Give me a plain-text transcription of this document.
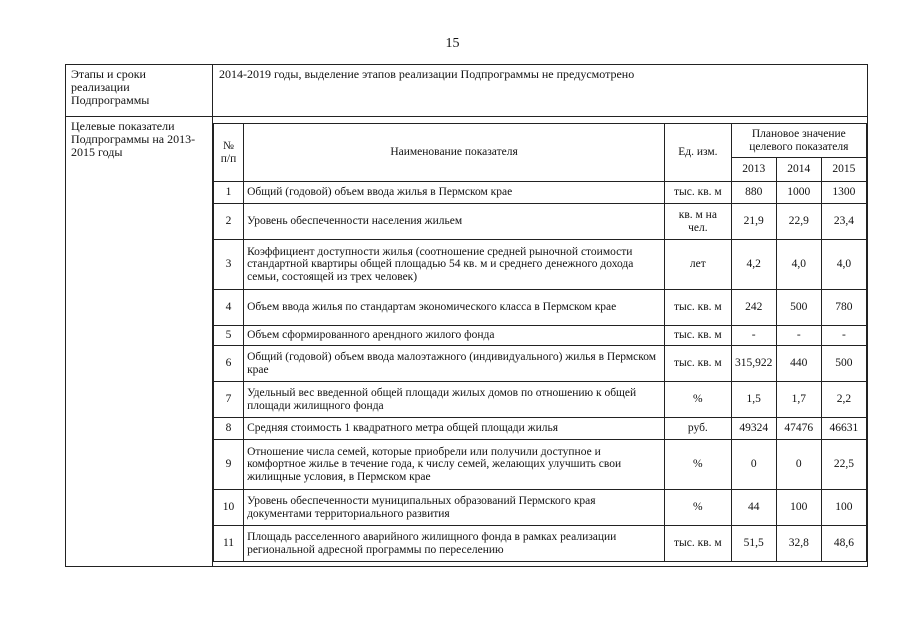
15
Этапы и сроки реализации Подпрограммы	
2014-2019 годы, выделение этапов реализации Подпрограммы не предусмотрено

Целевые показатели Подпрограммы на 2013-2015 годы		№ п/п	Наименование показателя	Ед. изм.	Плановое значение целевого показателя
2013	2014	2015
1	Общий (годовой) объем ввода жилья в Пермском крае	тыс. кв. м	880	1000	1300
2	Уровень обеспеченности населения жильем	кв. м на чел.	21,9	22,9	23,4
3	Коэффициент доступности жилья (соотношение средней рыночной стоимости стандартной квартиры общей площадью 54 кв. м и среднего денежного дохода семьи, состоящей из трех человек)	лет	4,2	4,0	4,0
4	Объем ввода жилья по стандартам экономического класса в Пермском крае	тыс. кв. м	242	500	780
5	Объем сформированного арендного жилого фонда	тыс. кв. м	-	-	-
6	Общий (годовой) объем ввода малоэтажного (индивидуального) жилья в Пермском крае	тыс. кв. м	315,922	440	500
7	Удельный вес введенной общей площади жилых домов по отношению к общей площади жилищного фонда	%	1,5	1,7	2,2
8	Средняя стоимость 1 квадратного метра общей площади жилья	руб.	49324	47476	46631
9	Отношение числа семей, которые приобрели или получили доступное и комфортное жилье в течение года, к числу семей, желающих улучшить свои жилищные условия, в Пермском крае	%	0	0	22,5
10	Уровень обеспеченности муниципальных образований Пермского края документами территориального развития	%	44	100	100
11	Площадь расселенного аварийного жилищного фонда в рамках реализации региональной адресной программы по переселению	тыс. кв. м	51,5	32,8	48,6
